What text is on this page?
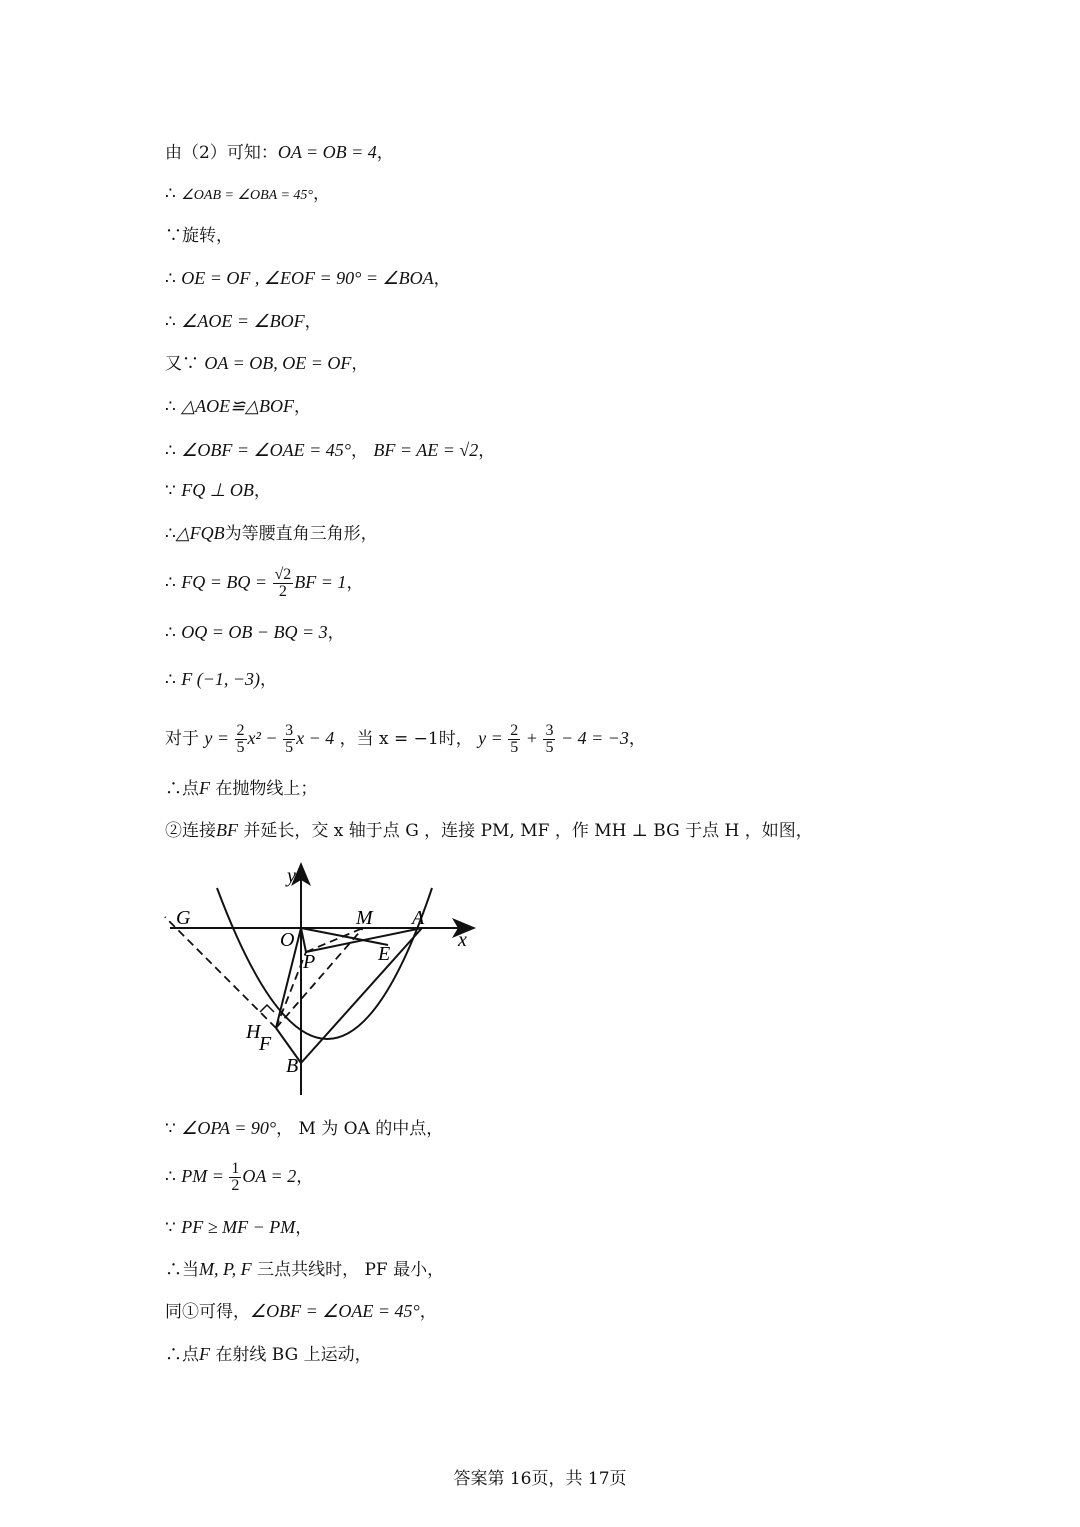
由（2）可知：OA = OB = 4，
∴ ∠OAB = ∠OBA = 45°，
∵旋转，
∴ OE = OF , ∠EOF = 90° = ∠BOA，
∴ ∠AOE = ∠BOF，
又∵ OA = OB, OE = OF，
∴ △AOE≌△BOF，
∴ ∠OBF = ∠OAE = 45°， BF = AE = √2，
∵ FQ ⊥ OB，
∴△FQB为等腰直角三角形，
∴ FQ = BQ = $\frac{√2}{2}$ BF = 1，
∴ OQ = OB − BQ = 3，
∴ F (−1, −3)，
对于 $y = \frac{2}{5} x^2 - \frac{3}{5}$ x − 4 ，当 x = −1时， $y = \frac{2}{5} + \frac{3}{5} - 4 = -3$，
∴点F 在抛物线上；
②连接BF 并延长，交 x 轴于点 G ，连接 PM, MF ，作 MH ⊥ BG 于点 H ，如图，
y
x
G	M A
O
E
P
H
F
B
∵ ∠OPA = 90°， M 为 OA 的中点，
∴ PM = $\frac{1}{2}$ OA = 2，
∵ PF ≥ MF − PM，
∴当M, P, F 三点共线时， PF 最小，
同①可得，∠OBF = ∠OAE = 45°，
∴点F 在射线 BG 上运动，
答案第 16页，共 17页
